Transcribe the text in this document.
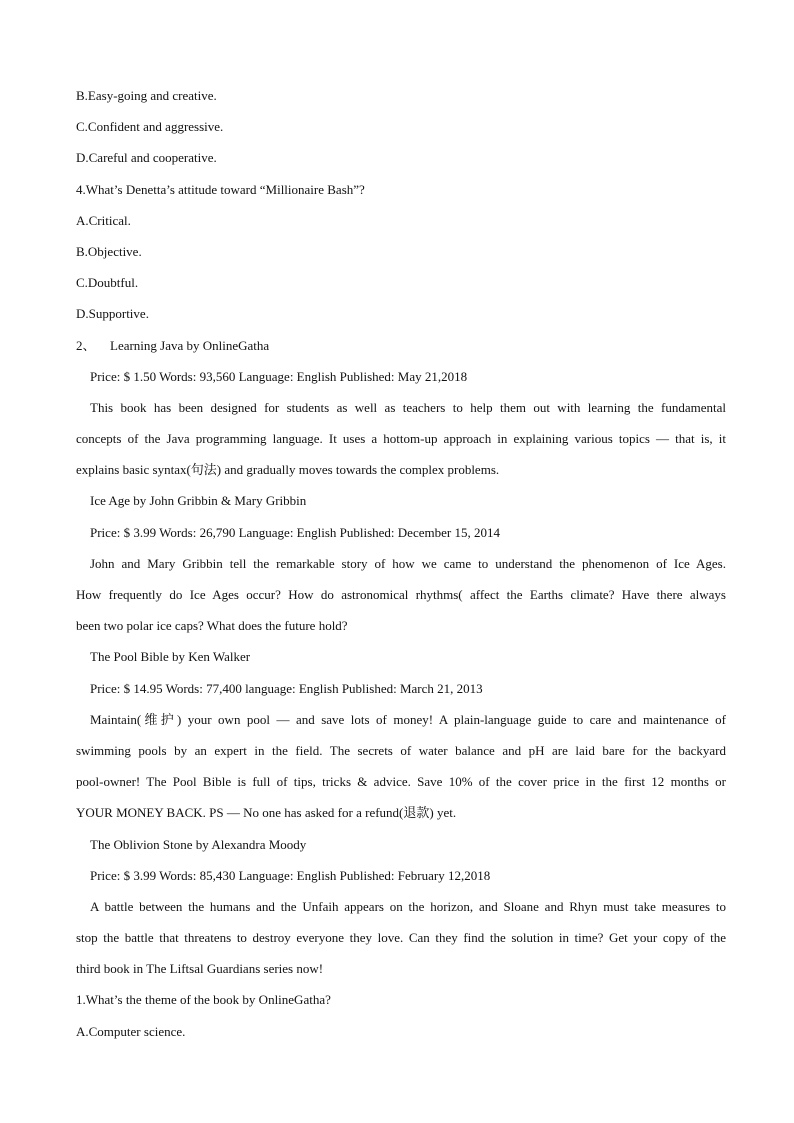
B.Easy-going and creative.
C.Confident and aggressive.
D.Careful and cooperative.
4.What’s Denetta’s attitude toward “Millionaire Bash”?
A.Critical.
B.Objective.
C.Doubtful.
D.Supportive.
2、 Learning Java by OnlineGatha
Price: $ 1.50 Words: 93,560 Language: English Published: May 21,2018
This book has been designed for students as well as teachers to help them out with learning the fundamental
concepts of the Java programming language. It uses a hottom-up approach in explaining various topics — that is, it
explains basic syntax(句法) and gradually moves towards the complex problems.
Ice Age by John Gribbin & Mary Gribbin
Price: $ 3.99 Words: 26,790 Language: English Published: December 15, 2014
John and Mary Gribbin tell the remarkable story of how we came to understand the phenomenon of Ice Ages.
How frequently do Ice Ages occur? How do astronomical rhythms( affect the Earths climate? Have there always
been two polar ice caps? What does the future hold?
The Pool Bible by Ken Walker
Price: $ 14.95 Words: 77,400 language: English Published: March 21, 2013
Maintain(维护) your own pool — and save lots of money! A plain-language guide to care and maintenance of
swimming pools by an expert in the field. The secrets of water balance and pH are laid bare for the backyard
pool-owner! The Pool Bible is full of tips, tricks & advice. Save 10% of the cover price in the first 12 months or
YOUR MONEY BACK. PS — No one has asked for a refund(退款) yet.
The Oblivion Stone by Alexandra Moody
Price: $ 3.99 Words: 85,430 Language: English Published: February 12,2018
A battle between the humans and the Unfaih appears on the horizon, and Sloane and Rhyn must take measures to
stop the battle that threatens to destroy everyone they love. Can they find the solution in time? Get your copy of the
third book in The Liftsal Guardians series now!
1.What’s the theme of the book by OnlineGatha?
A.Computer science.
